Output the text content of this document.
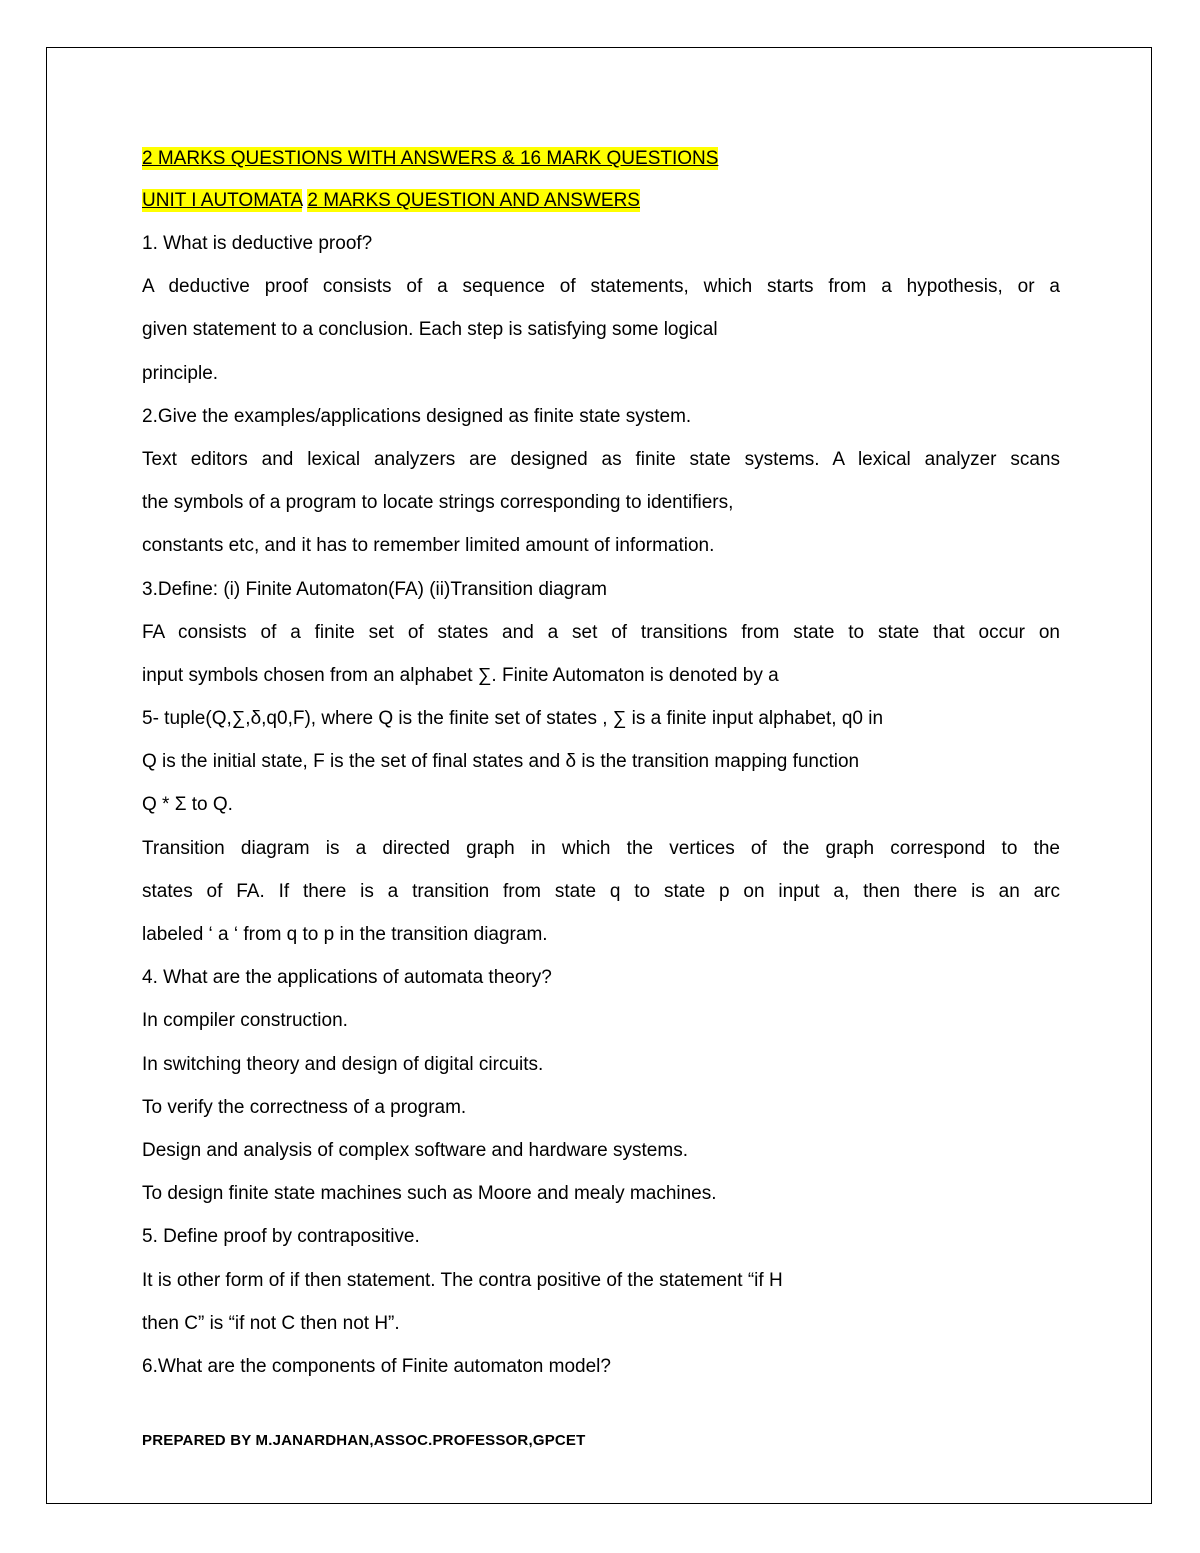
2 MARKS QUESTIONS WITH ANSWERS & 16 MARK QUESTIONS
UNIT I AUTOMATA 2 MARKS QUESTION AND ANSWERS
1. What is deductive proof?
A deductive proof consists of a sequence of statements, which starts from a hypothesis, or a
given statement to a conclusion. Each step is satisfying some logical
principle.
2.Give the examples/applications designed as finite state system.
Text editors and lexical analyzers are designed as finite state systems. A lexical analyzer scans
the symbols of a program to locate strings corresponding to identifiers,
constants etc, and it has to remember limited amount of information.
3.Define: (i) Finite Automaton(FA) (ii)Transition diagram
FA consists of a finite set of states and a set of transitions from state to state that occur on
input symbols chosen from an alphabet ∑. Finite Automaton is denoted by a
5- tuple(Q,∑,δ,q0,F), where Q is the finite set of states , ∑ is a finite input alphabet, q0 in
Q is the initial state, F is the set of final states and δ is the transition mapping function
Q * Σ to Q.
Transition diagram is a directed graph in which the vertices of the graph correspond to the
states of FA. If there is a transition from state q to state p on input a, then there is an arc
labeled ‘ a ‘ from q to p in the transition diagram.
4. What are the applications of automata theory?
In compiler construction.
In switching theory and design of digital circuits.
To verify the correctness of a program.
Design and analysis of complex software and hardware systems.
To design finite state machines such as Moore and mealy machines.
5. Define proof by contrapositive.
It is other form of if then statement. The contra positive of the statement “if H
then C” is “if not C then not H”.
6.What are the components of Finite automaton model?
PREPARED BY M.JANARDHAN,ASSOC.PROFESSOR,GPCET
